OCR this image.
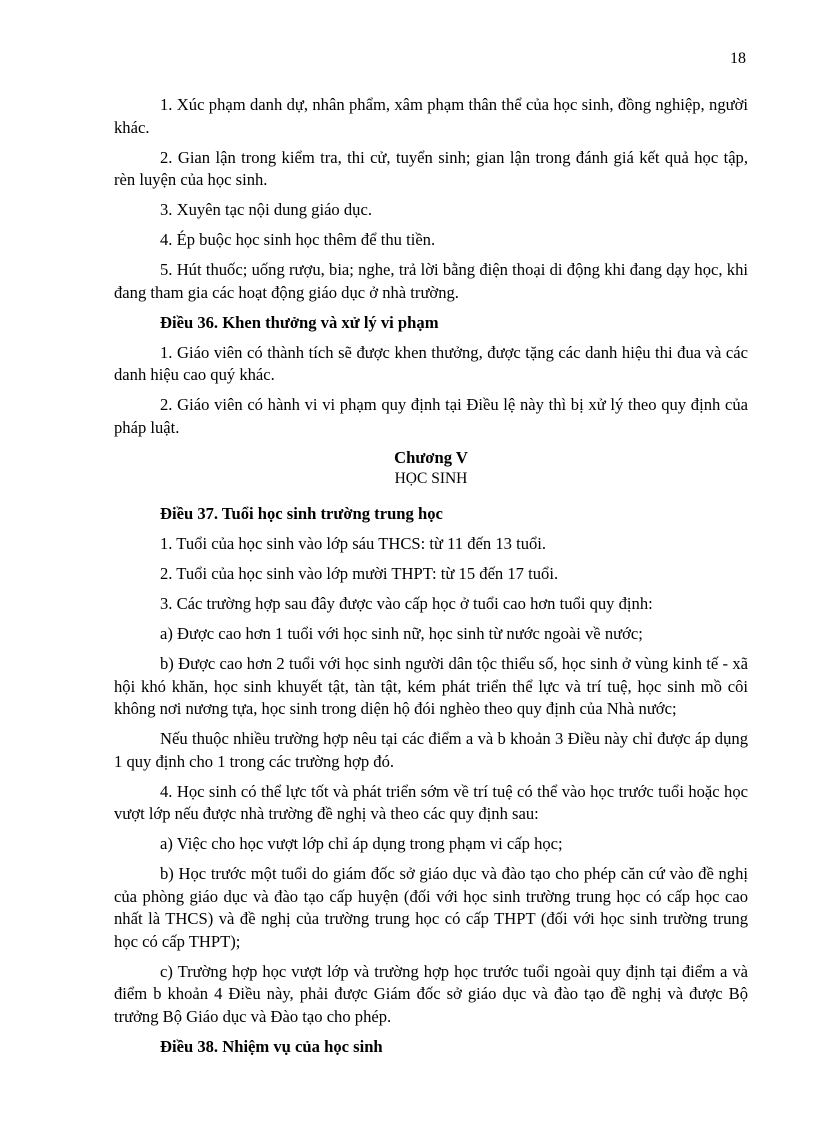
18

1. Xúc phạm danh dự, nhân phẩm, xâm phạm thân thể của học sinh, đồng nghiệp, người khác.

2. Gian lận trong kiểm tra, thi cử, tuyển sinh; gian lận trong đánh giá kết quả học tập, rèn luyện của học sinh.

3. Xuyên tạc nội dung giáo dục.

4. Ép buộc học sinh học thêm để thu tiền.

5. Hút thuốc; uống rượu, bia; nghe, trả lời bằng điện thoại di động khi đang dạy học, khi đang tham gia các hoạt động giáo dục ở nhà trường.

Điều 36. Khen thưởng và xử lý vi phạm

1. Giáo viên có thành tích sẽ được khen thưởng, được tặng các danh hiệu thi đua và các danh hiệu cao quý khác.

2. Giáo viên có hành vi vi phạm quy định tại Điều lệ này thì bị xử lý theo quy định của pháp luật.

Chương V
HỌC SINH

Điều 37. Tuổi học sinh trường trung học

1. Tuổi của học sinh vào lớp sáu THCS: từ 11 đến 13 tuổi.

2. Tuổi của học sinh vào lớp mười THPT: từ 15 đến 17 tuổi.

3. Các trường hợp sau đây được vào cấp học ở tuổi cao hơn tuổi quy định:

a) Được cao hơn 1 tuổi với học sinh nữ, học sinh từ nước ngoài về nước;

b) Được cao hơn 2 tuổi với học sinh người dân tộc thiểu số, học sinh ở vùng kinh tế - xã hội khó khăn, học sinh khuyết tật, tàn tật, kém phát triển thể lực và trí tuệ, học sinh mồ côi không nơi nương tựa, học sinh trong diện hộ đói nghèo theo quy định của Nhà nước;

Nếu thuộc nhiều trường hợp nêu tại các điểm a và b khoản 3 Điều này chỉ được áp dụng 1 quy định cho 1 trong các trường hợp đó.

4. Học sinh có thể lực tốt và phát triển sớm về trí tuệ có thể vào học trước tuổi hoặc học vượt lớp nếu được nhà trường đề nghị và theo các quy định sau:

a) Việc cho học vượt lớp chỉ áp dụng trong phạm vi cấp học;

b) Học trước một tuổi do giám đốc sở giáo dục và đào tạo cho phép căn cứ vào đề nghị của phòng giáo dục và đào tạo cấp huyện (đối với học sinh trường trung học có cấp học cao nhất là THCS) và đề nghị của trường trung học có cấp THPT (đối với học sinh trường trung học có cấp THPT);

c) Trường hợp học vượt lớp và trường hợp học trước tuổi ngoài quy định tại điểm a và điểm b khoản 4 Điều này, phải được Giám đốc sở giáo dục và đào tạo đề nghị và được Bộ trưởng Bộ Giáo dục và Đào tạo cho phép.

Điều 38. Nhiệm vụ của học sinh
